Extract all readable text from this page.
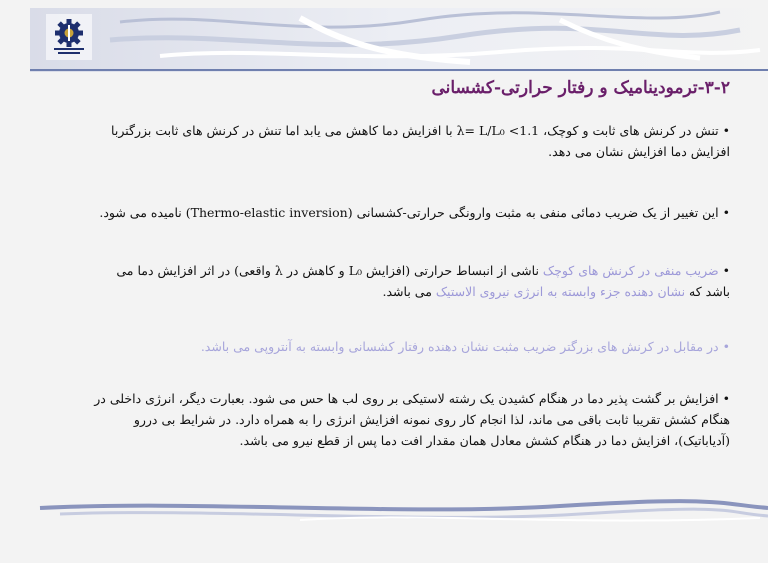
۳-۲-ترمودینامیک و رفتار حرارتی-کشسانی

• تنش در کرنش های ثابت و کوچک، λ= L/L₀ <1.1 با افزایش دما کاهش می یابد اما تنش در کرنش های ثابت بزرگتربا افزایش دما افزایش نشان می دهد.

• این تغییر از یک ضریب دمائی منفی به مثبت وارونگی حرارتی-کشسانی (Thermo-elastic inversion) نامیده می شود.

• ضریب منفی در کرنش های کوچک ناشی از انبساط حرارتی (افزایش L₀ و کاهش در λ واقعی) در اثر افزایش دما می باشد که نشان دهنده جزء وابسته به انرژی نیروی الاستیک می باشد.

• در مقابل در کرنش های بزرگتر ضریب مثبت نشان دهنده رفتار کشسانی وابسته به آنتروپی می باشد.

• افزایش بر گشت پذیر دما در هنگام کشیدن یک رشته لاستیکی بر روی لب ها حس می شود. بعبارت دیگر، انرژی داخلی در هنگام کشش تقریبا ثابت باقی می ماند، لذا انجام کار روی نمونه افزایش انرژی را به همراه دارد. در شرایط بی دررو (آدیاباتیک)، افزایش دما در هنگام کشش معادل همان مقدار افت دما پس از قطع نیرو می باشد.
